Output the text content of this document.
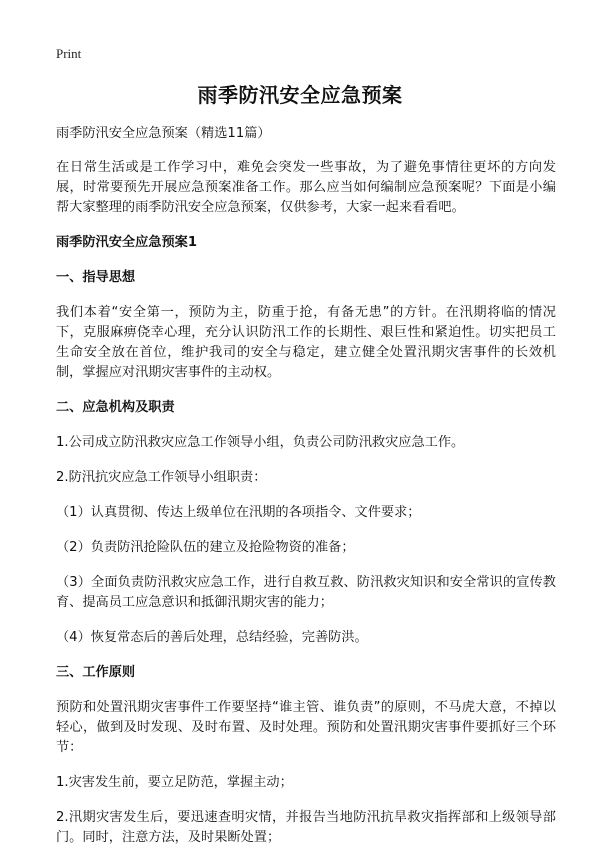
Print
雨季防汛安全应急预案

雨季防汛安全应急预案（精选11篇）

在日常生活或是工作学习中，难免会突发一些事故，为了避免事情往更坏的方向发展，时常要预先开展应急预案准备工作。那么应当如何编制应急预案呢？下面是小编帮大家整理的雨季防汛安全应急预案，仅供参考，大家一起来看看吧。

雨季防汛安全应急预案1

一、指导思想

我们本着“安全第一，预防为主，防重于抢，有备无患”的方针。在汛期将临的情况下，克服麻痹侥幸心理，充分认识防汛工作的长期性、艰巨性和紧迫性。切实把员工生命安全放在首位，维护我司的安全与稳定，建立健全处置汛期灾害事件的长效机制，掌握应对汛期灾害事件的主动权。

二、应急机构及职责

1.公司成立防汛救灾应急工作领导小组，负责公司防汛救灾应急工作。

2.防汛抗灾应急工作领导小组职责：

（1）认真贯彻、传达上级单位在汛期的各项指令、文件要求；

（2）负责防汛抢险队伍的建立及抢险物资的准备；

（3）全面负责防汛救灾应急工作，进行自救互救、防汛救灾知识和安全常识的宣传教育、提高员工应急意识和抵御汛期灾害的能力；

（4）恢复常态后的善后处理，总结经验，完善防洪。

三、工作原则

预防和处置汛期灾害事件工作要坚持“谁主管、谁负责”的原则，不马虎大意，不掉以轻心，做到及时发现、及时布置、及时处理。预防和处置汛期灾害事件要抓好三个环节：

1.灾害发生前，要立足防范，掌握主动；

2.汛期灾害发生后，要迅速查明灾情，并报告当地防汛抗旱救灾指挥部和上级领导部门。同时，注意方法，及时果断处置；
